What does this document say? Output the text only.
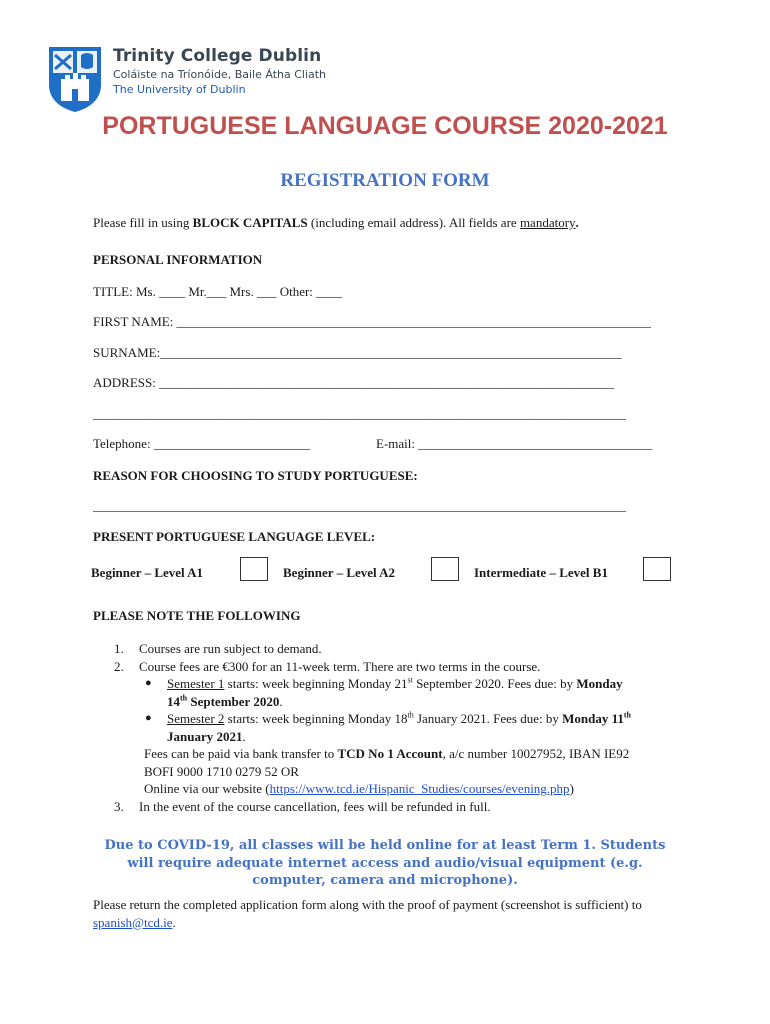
Trinity College Dublin
Coláiste na Tríonóide, Baile Átha Cliath
The University of Dublin
PORTUGUESE LANGUAGE COURSE 2020-2021
REGISTRATION FORM
Please fill in using BLOCK CAPITALS (including email address). All fields are mandatory.
PERSONAL INFORMATION
TITLE: Ms. ____ Mr.___ Mrs. ___ Other: ____
FIRST NAME: _________________________________________________________________________
SURNAME:_______________________________________________________________________
ADDRESS: ______________________________________________________________________
__________________________________________________________________________________
Telephone: ________________________	E-mail: ____________________________________
REASON FOR CHOOSING TO STUDY PORTUGUESE:
__________________________________________________________________________________
PRESENT PORTUGUESE LANGUAGE LEVEL:
Beginner – Level A1	Beginner – Level A2	Intermediate – Level B1
PLEASE NOTE THE FOLLOWING
1. Courses are run subject to demand.
2. Course fees are €300 for an 11-week term. There are two terms in the course.
● Semester 1 starts: week beginning Monday 21st September 2020. Fees due: by Monday
14th September 2020.
● Semester 2 starts: week beginning Monday 18th January 2021. Fees due: by Monday 11th
January 2021.
Fees can be paid via bank transfer to TCD No 1 Account, a/c number 10027952, IBAN IE92
BOFI 9000 1710 0279 52 OR
Online via our website (https://www.tcd.ie/Hispanic_Studies/courses/evening.php)
3. In the event of the course cancellation, fees will be refunded in full.
Due to COVID-19, all classes will be held online for at least Term 1. Students will require adequate internet access and audio/visual equipment (e.g. computer, camera and microphone).
Please return the completed application form along with the proof of payment (screenshot is sufficient) to spanish@tcd.ie.
